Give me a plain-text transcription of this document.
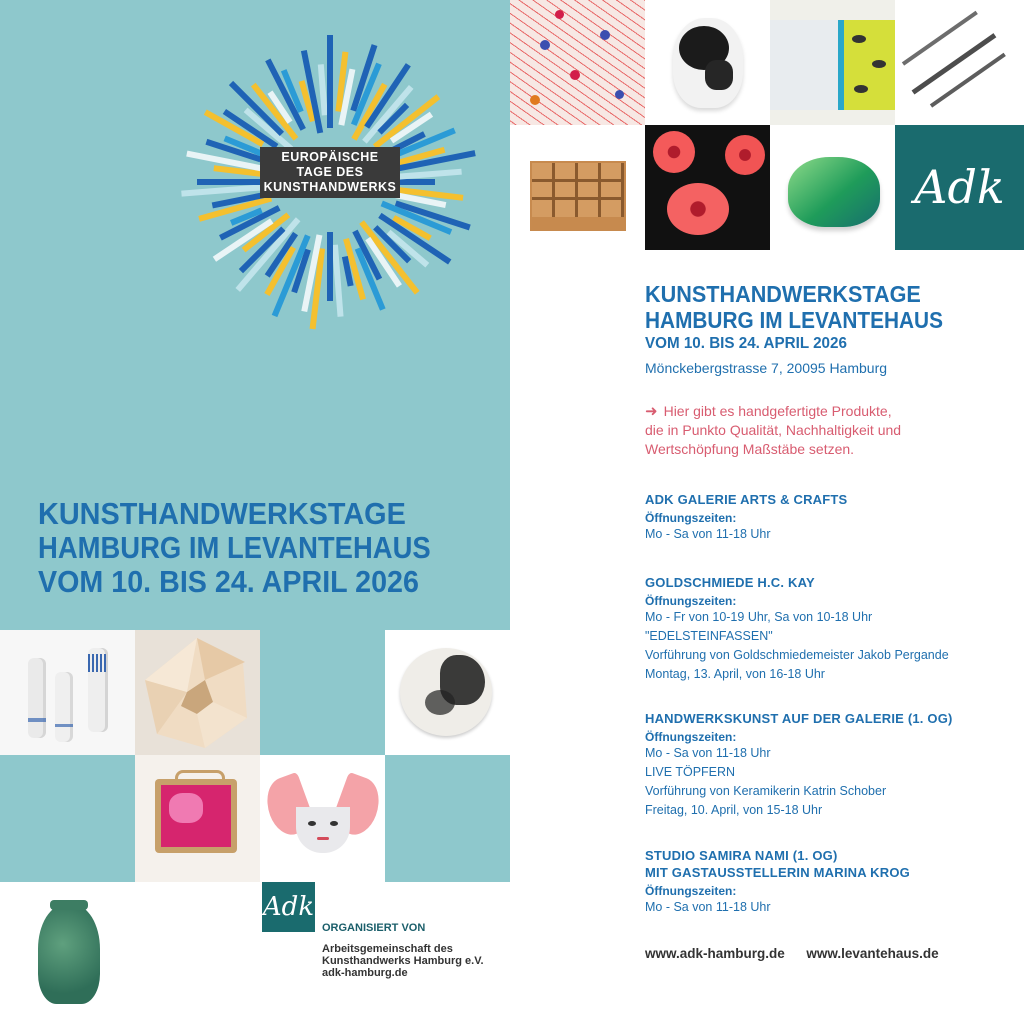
EUROPÄISCHE
TAGE DES
KUNSTHANDWERKS
KUNSTHANDWERKSTAGE
HAMBURG IM LEVANTEHAUS
VOM 10. BIS 24. APRIL 2026
Adk
ORGANISIERT VON
Arbeitsgemeinschaft des
Kunsthandwerks Hamburg e.V.
adk-hamburg.de
Adk
KUNSTHANDWERKSTAGE
HAMBURG IM LEVANTEHAUS
VOM 10. BIS 24. APRIL 2026
Mönckebergstrasse 7, 20095 Hamburg
➜ Hier gibt es handgefertigte Produkte,
die in Punkto Qualität, Nachhaltigkeit und
Wertschöpfung Maßstäbe setzen.
ADK GALERIE ARTS & CRAFTS
Öffnungszeiten:
Mo - Sa von 11-18 Uhr
GOLDSCHMIEDE H.C. KAY
Öffnungszeiten:
Mo - Fr von 10-19 Uhr, Sa von 10-18 Uhr
"EDELSTEINFASSEN"
Vorführung von Goldschmiedemeister Jakob Pergande
Montag, 13. April, von 16-18 Uhr
HANDWERKSKUNST AUF DER GALERIE (1. OG)
Öffnungszeiten:
Mo - Sa von 11-18 Uhr
LIVE TÖPFERN
Vorführung von Keramikerin Katrin Schober
Freitag, 10. April, von 15-18 Uhr
STUDIO SAMIRA NAMI (1. OG)
MIT GASTAUSSTELLERIN MARINA KROG
Öffnungszeiten:
Mo - Sa von 11-18 Uhr
www.adk-hamburg.de www.levantehaus.de
